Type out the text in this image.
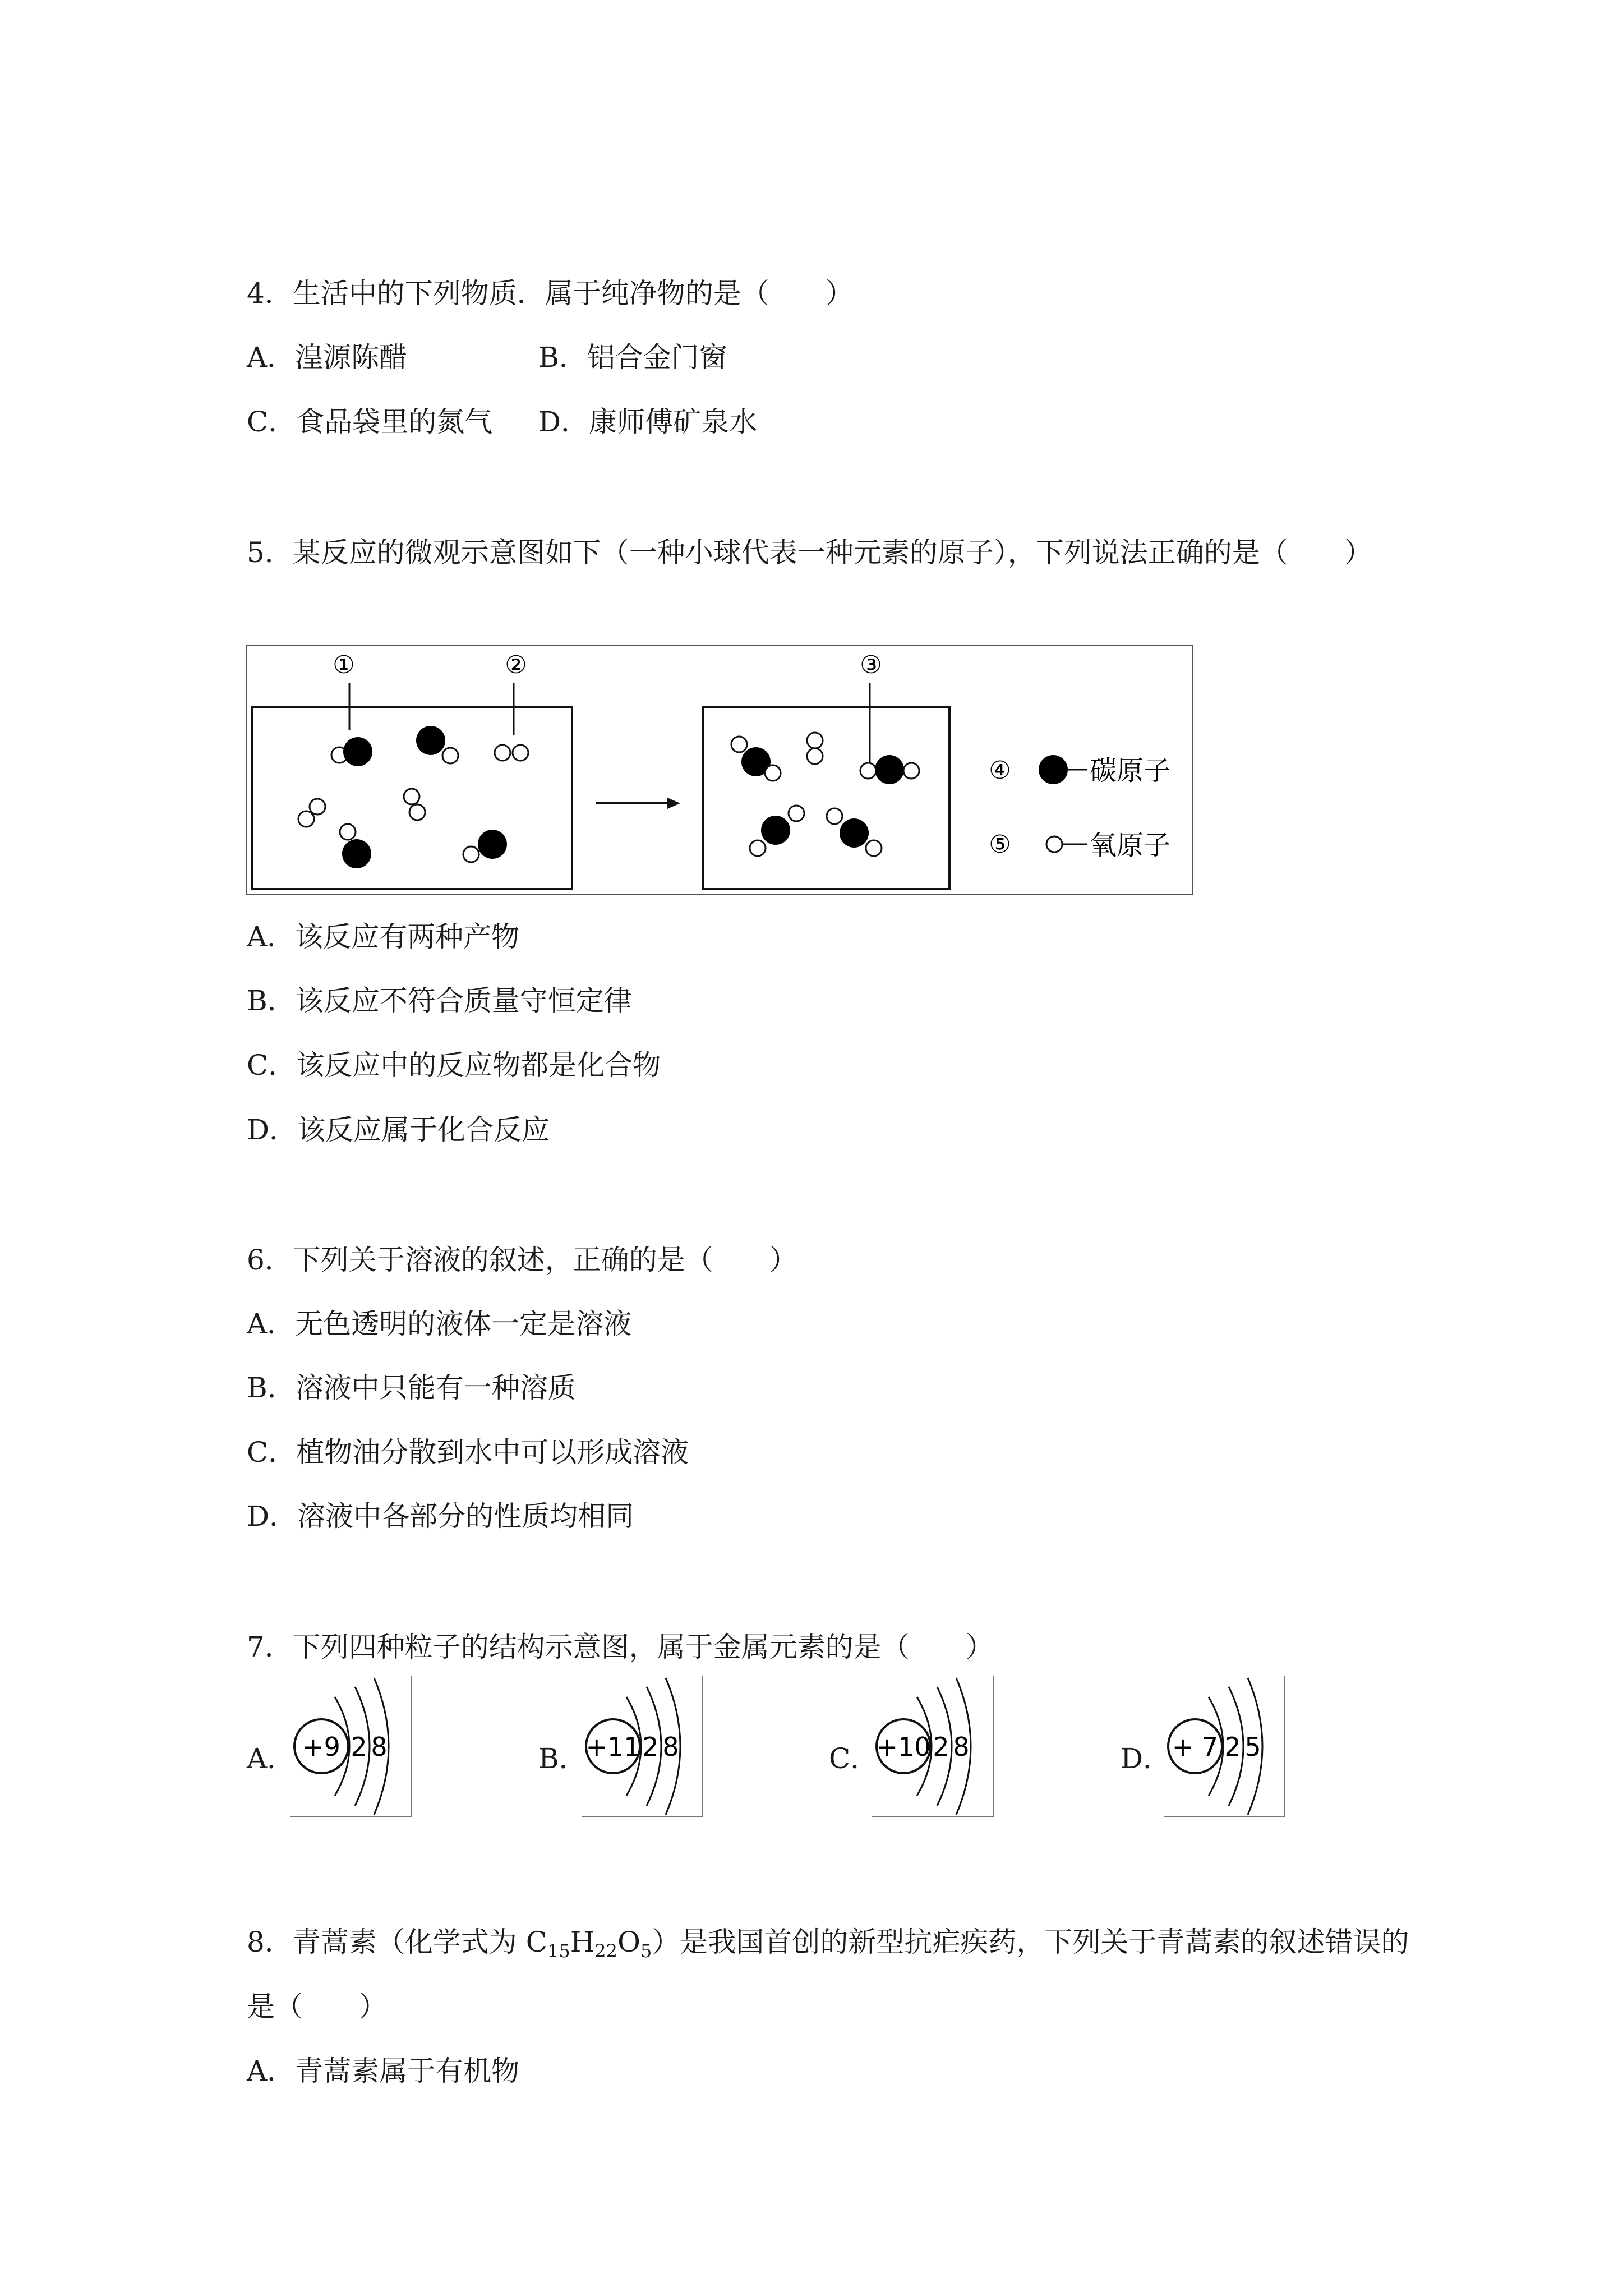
4．生活中的下列物质．属于纯净物的是（　　）
A．湟源陈醋	B．铝合金门窗
C．食品袋里的氮气 D．康师傅矿泉水
5．某反应的微观示意图如下（一种小球代表一种元素的原子），下列说法正确的是（　　）
①	②	③
④	碳原子
⑤	氧原子
A．该反应有两种产物
B．该反应不符合质量守恒定律
C．该反应中的反应物都是化合物
D．该反应属于化合反应
6．下列关于溶液的叙述，正确的是（　　）
A．无色透明的液体一定是溶液
B．溶液中只能有一种溶质
C．植物油分散到水中可以形成溶液
D．溶液中各部分的性质均相同
7．下列四种粒子的结构示意图，属于金属元素的是（　　）
A． +9 2 8	B．
+11 2 8	C．
+10 2 8	D． + 7 2 5
8．青蒿素（化学式为 $C_{15}H_{22}O_5$）是我国首创的新型抗疟疾药，下列关于青蒿素的叙述错误的
是（　　）
A．青蒿素属于有机物
